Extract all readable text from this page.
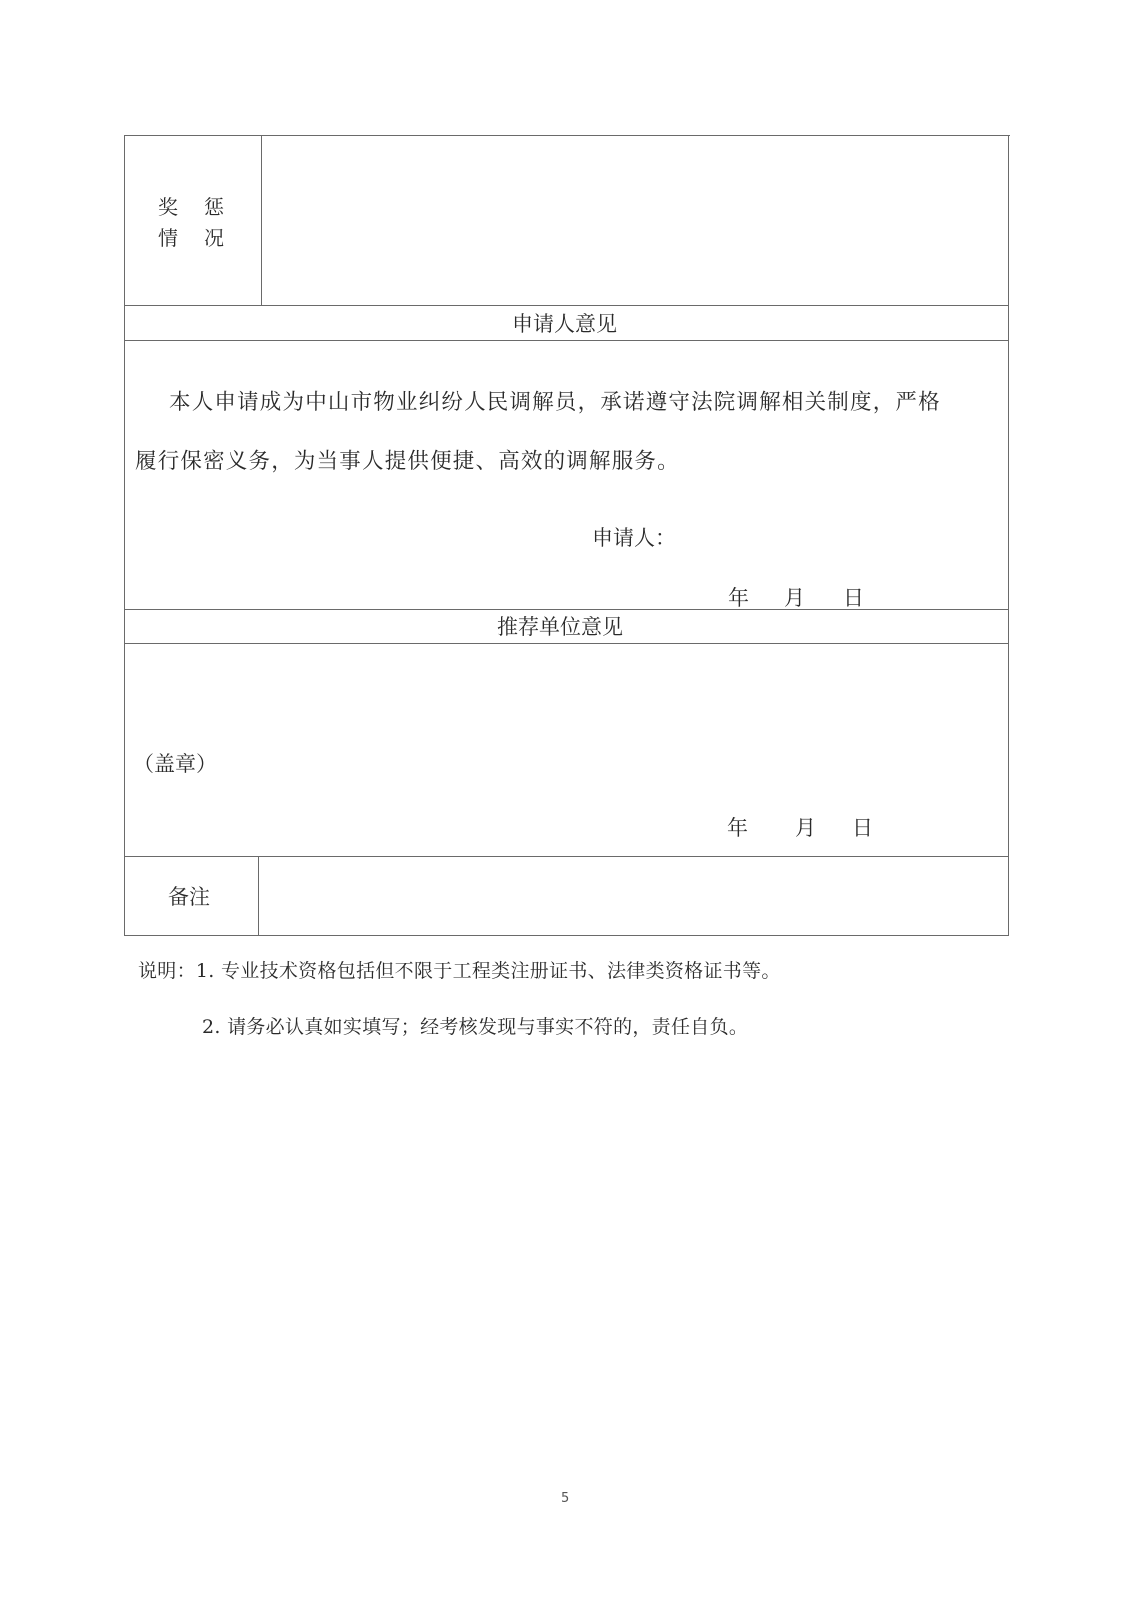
奖 惩
情 况
申请人意见
本人申请成为中山市物业纠纷人民调解员，承诺遵守法院调解相关制度，严格
履行保密义务，为当事人提供便捷、高效的调解服务。
申请人：
年 月 日
推荐单位意见
（盖章）
年 月 日
备注
说明：1. 专业技术资格包括但不限于工程类注册证书、法律类资格证书等。
2. 请务必认真如实填写；经考核发现与事实不符的，责任自负。
5
